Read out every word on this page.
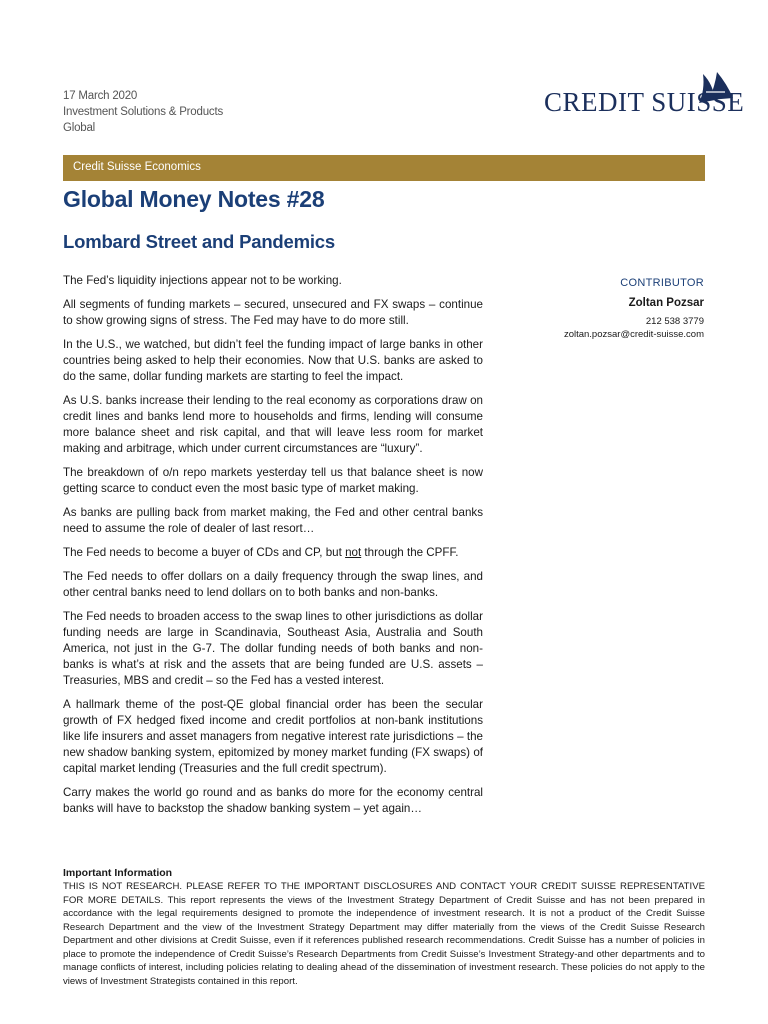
17 March 2020
Investment Solutions & Products
Global
CREDIT SUISSE
Credit Suisse Economics
Global Money Notes #28
Lombard Street and Pandemics

The Fed’s liquidity injections appear not to be working.

All segments of funding markets – secured, unsecured and FX swaps – continue to show growing signs of stress. The Fed may have to do more still.

In the U.S., we watched, but didn’t feel the funding impact of large banks in other countries being asked to help their economies. Now that U.S. banks are asked to do the same, dollar funding markets are starting to feel the impact.

As U.S. banks increase their lending to the real economy as corporations draw on credit lines and banks lend more to households and firms, lending will consume more balance sheet and risk capital, and that will leave less room for market making and arbitrage, which under current circumstances are “luxury”.

The breakdown of o/n repo markets yesterday tell us that balance sheet is now getting scarce to conduct even the most basic type of market making.

As banks are pulling back from market making, the Fed and other central banks need to assume the role of dealer of last resort…

The Fed needs to become a buyer of CDs and CP, but not through the CPFF.

The Fed needs to offer dollars on a daily frequency through the swap lines, and other central banks need to lend dollars on to both banks and non-banks.

The Fed needs to broaden access to the swap lines to other jurisdictions as dollar funding needs are large in Scandinavia, Southeast Asia, Australia and South America, not just in the G-7. The dollar funding needs of both banks and non-banks is what’s at risk and the assets that are being funded are U.S. assets – Treasuries, MBS and credit – so the Fed has a vested interest.

A hallmark theme of the post-QE global financial order has been the secular growth of FX hedged fixed income and credit portfolios at non-bank institutions like life insurers and asset managers from negative interest rate jurisdictions – the new shadow banking system, epitomized by money market funding (FX swaps) of capital market lending (Treasuries and the full credit spectrum).

Carry makes the world go round and as banks do more for the economy central banks will have to backstop the shadow banking system – yet again…

CONTRIBUTOR
Zoltan Pozsar
212 538 3779
zoltan.pozsar@credit-suisse.com
Important Information

THIS IS NOT RESEARCH. PLEASE REFER TO THE IMPORTANT DISCLOSURES AND CONTACT YOUR CREDIT SUISSE REPRESENTATIVE FOR MORE DETAILS. This report represents the views of the Investment Strategy Department of Credit Suisse and has not been prepared in accordance with the legal requirements designed to promote the independence of investment research. It is not a product of the Credit Suisse Research Department and the view of the Investment Strategy Department may differ materially from the views of the Credit Suisse Research Department and other divisions at Credit Suisse, even if it references published research recommendations. Credit Suisse has a number of policies in place to promote the independence of Credit Suisse’s Research Departments from Credit Suisse’s Investment Strategy-and other departments and to manage conflicts of interest, including policies relating to dealing ahead of the dissemination of investment research. These policies do not apply to the views of Investment Strategists contained in this report.
